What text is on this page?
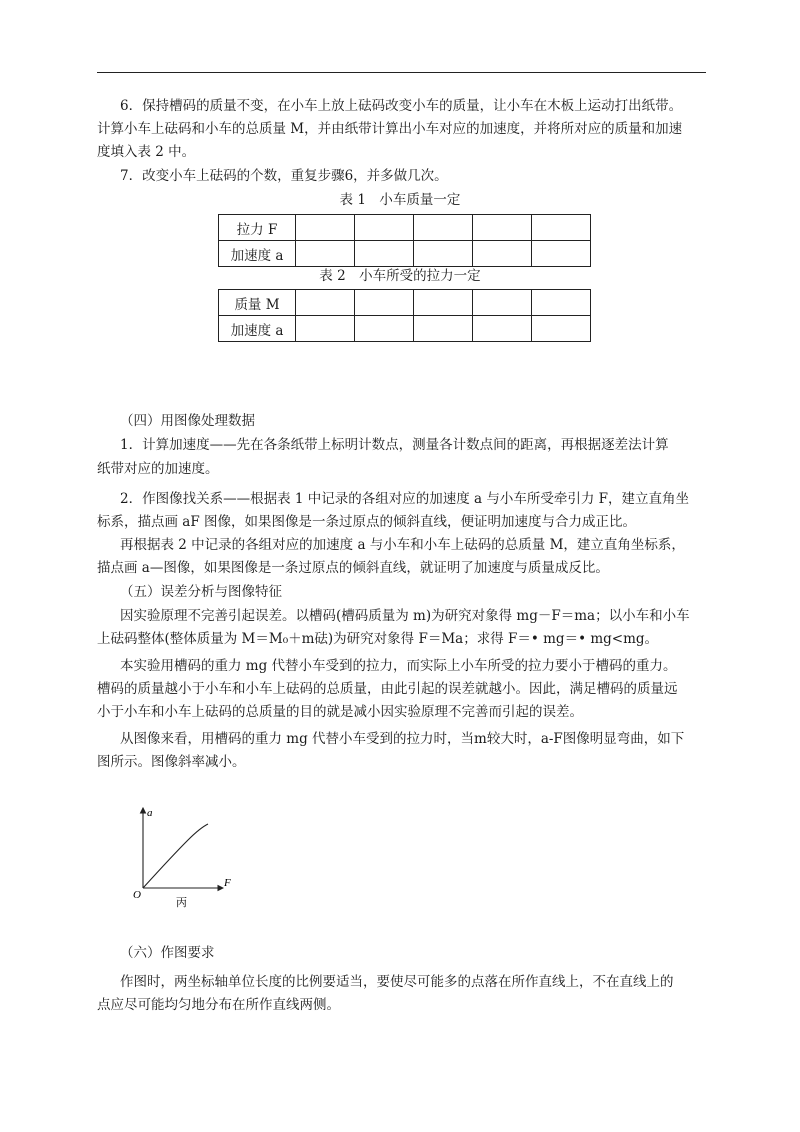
6．保持槽码的质量不变，在小车上放上砝码改变小车的质量，让小车在木板上运动打出纸带。

计算小车上砝码和小车的总质量 M，并由纸带计算出小车对应的加速度，并将所对应的质量和加速

度填入表 2 中。

7．改变小车上砝码的个数，重复步骤6，并多做几次。

表 1　小车质量一定
拉力 F					
加速度 a					
表 2　小车所受的拉力一定
质量 M					
加速度 a					

（四）用图像处理数据

1．计算加速度——先在各条纸带上标明计数点，测量各计数点间的距离，再根据逐差法计算

纸带对应的加速度。

2．作图像找关系——根据表 1 中记录的各组对应的加速度 a 与小车所受牵引力 F，建立直角坐

标系，描点画 aF 图像，如果图像是一条过原点的倾斜直线，便证明加速度与合力成正比。

再根据表 2 中记录的各组对应的加速度 a 与小车和小车上砝码的总质量 M，建立直角坐标系，

描点画 a—图像，如果图像是一条过原点的倾斜直线，就证明了加速度与质量成反比。

（五）误差分析与图像特征

因实验原理不完善引起误差。以槽码(槽码质量为 m)为研究对象得 mg－F＝ma；以小车和小车

上砝码整体(整体质量为 M＝M₀＋m砝)为研究对象得 F＝Ma；求得 F＝• mg＝• mg<mg。

本实验用槽码的重力 mg 代替小车受到的拉力，而实际上小车所受的拉力要小于槽码的重力。

槽码的质量越小于小车和小车上砝码的总质量，由此引起的误差就越小。因此，满足槽码的质量远

小于小车和小车上砝码的总质量的目的就是减小因实验原理不完善而引起的误差。

从图像来看，用槽码的重力 mg 代替小车受到的拉力时，当m较大时，a-F图像明显弯曲，如下

图所示。图像斜率减小。

a
F
O
丙

（六）作图要求

作图时，两坐标轴单位长度的比例要适当，要使尽可能多的点落在所作直线上，不在直线上的

点应尽可能均匀地分布在所作直线两侧。
